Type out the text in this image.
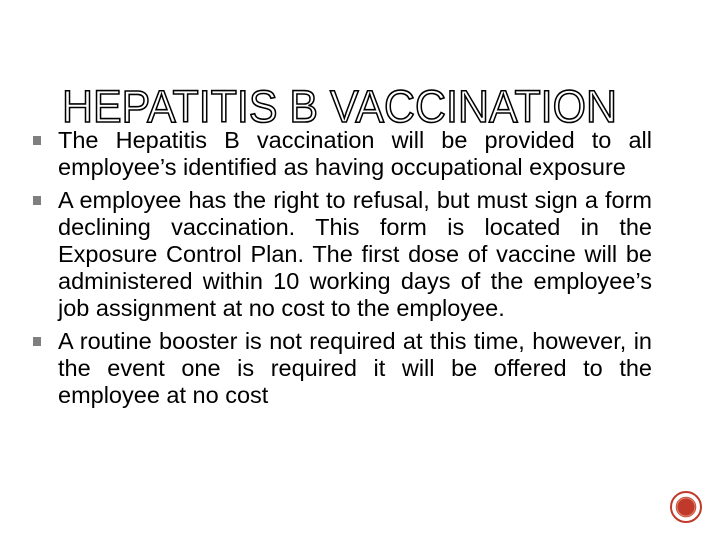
HEPATITIS B VACCINATION
The Hepatitis B vaccination will be provided to all employee’s identified as having occupational exposure
A employee has the right to refusal, but must sign a form declining vaccination. This form is located in the Exposure Control Plan. The first dose of vaccine will be administered within 10 working days of the employee’s job assignment at no cost to the employee.
A routine booster is not required at this time, however, in the event one is required it will be offered to the employee at no cost
